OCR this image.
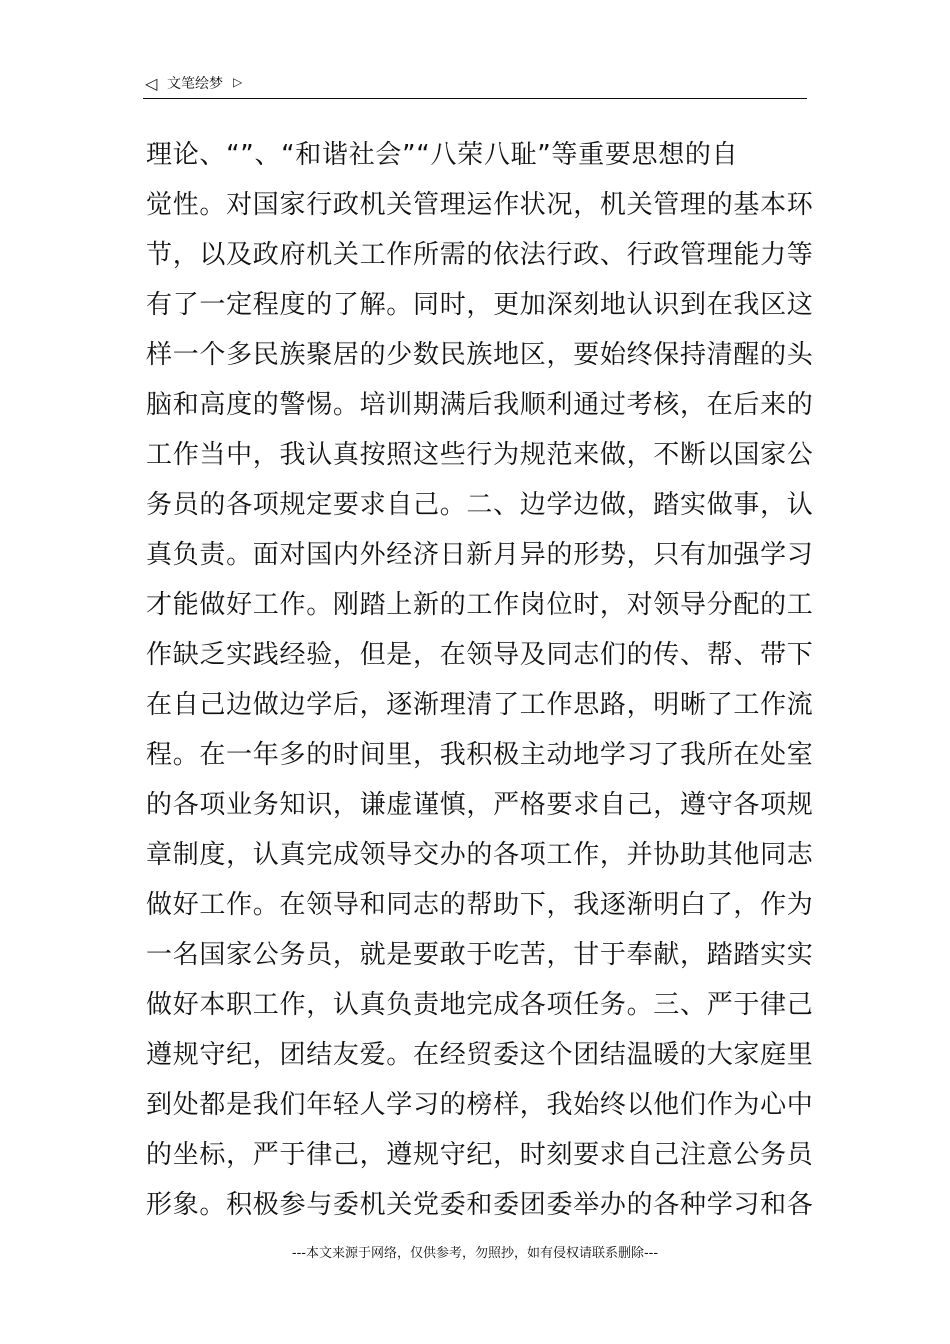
◁ 文笔绘梦 ▷
理论、“”、“和谐社会”“八荣八耻”等重要思想的自
觉性。对国家行政机关管理运作状况，机关管理的基本环
节，以及政府机关工作所需的依法行政、行政管理能力等
有了一定程度的了解。同时，更加深刻地认识到在我区这
样一个多民族聚居的少数民族地区，要始终保持清醒的头
脑和高度的警惕。培训期满后我顺利通过考核，在后来的
工作当中，我认真按照这些行为规范来做，不断以国家公
务员的各项规定要求自己。二、边学边做，踏实做事，认
真负责。面对国内外经济日新月异的形势，只有加强学习
才能做好工作。刚踏上新的工作岗位时，对领导分配的工
作缺乏实践经验，但是，在领导及同志们的传、帮、带下
在自己边做边学后，逐渐理清了工作思路，明晰了工作流
程。在一年多的时间里，我积极主动地学习了我所在处室
的各项业务知识，谦虚谨慎，严格要求自己，遵守各项规
章制度，认真完成领导交办的各项工作，并协助其他同志
做好工作。在领导和同志的帮助下，我逐渐明白了，作为
一名国家公务员，就是要敢于吃苦，甘于奉献，踏踏实实
做好本职工作，认真负责地完成各项任务。三、严于律己
遵规守纪，团结友爱。在经贸委这个团结温暖的大家庭里
到处都是我们年轻人学习的榜样，我始终以他们作为心中
的坐标，严于律己，遵规守纪，时刻要求自己注意公务员
形象。积极参与委机关党委和委团委举办的各种学习和各
---本文来源于网络，仅供参考，勿照抄，如有侵权请联系删除---
